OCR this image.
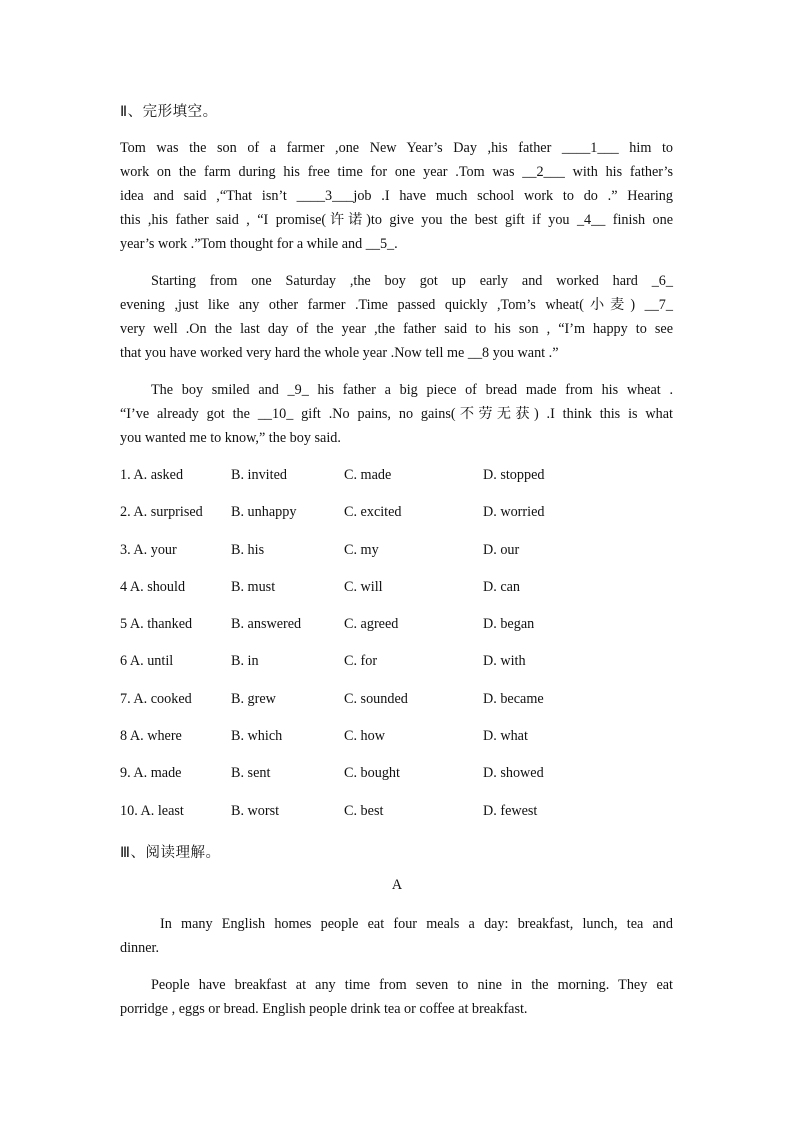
Ⅱ、完形填空。
Tom was the son of a farmer ,one New Year’s Day ,his father ____1___ him to
work on the farm during his free time for one year .Tom was __2___ with his father’s
idea and said ,“That isn’t ____3___job .I have much school work to do .” Hearing
this ,his father said , “I promise(许诺)to give you the best gift if you _4__ finish one
year’s work .”Tom thought for a while and __5_.
Starting from one Saturday ,the boy got up early and worked hard _6_
evening ,just like any other farmer .Time passed quickly ,Tom’s wheat(小麦) __7_
very well .On the last day of the year ,the father said to his son , “I’m happy to see
that you have worked very hard the whole year .Now tell me __8 you want .”
The boy smiled and _9_ his father a big piece of bread made from his wheat .
“I’ve already got the __10_ gift .No pains, no gains(不劳无获) .I think this is what
you wanted me to know,” the boy said.
1. A. asked	B. invited	C. made	D. stopped
2. A. surprised B. unhappy	C. excited	D. worried
3. A. your	B. his	C. my	D. our
4 A. should	B. must	C. will	D. can
5 A. thanked	B. answered	C. agreed	D. began
6 A. until	B. in	C. for	D. with
7. A. cooked	B. grew	C. sounded	D. became
8 A. where	B. which	C. how	D. what
9. A. made	B. sent	C. bought	D. showed
10. A. least	B. worst	C. best	D. fewest
Ⅲ、阅读理解。
A
In many English homes people eat four meals a day: breakfast, lunch, tea and
dinner.
People have breakfast at any time from seven to nine in the morning. They eat
porridge , eggs or bread. English people drink tea or coffee at breakfast.
